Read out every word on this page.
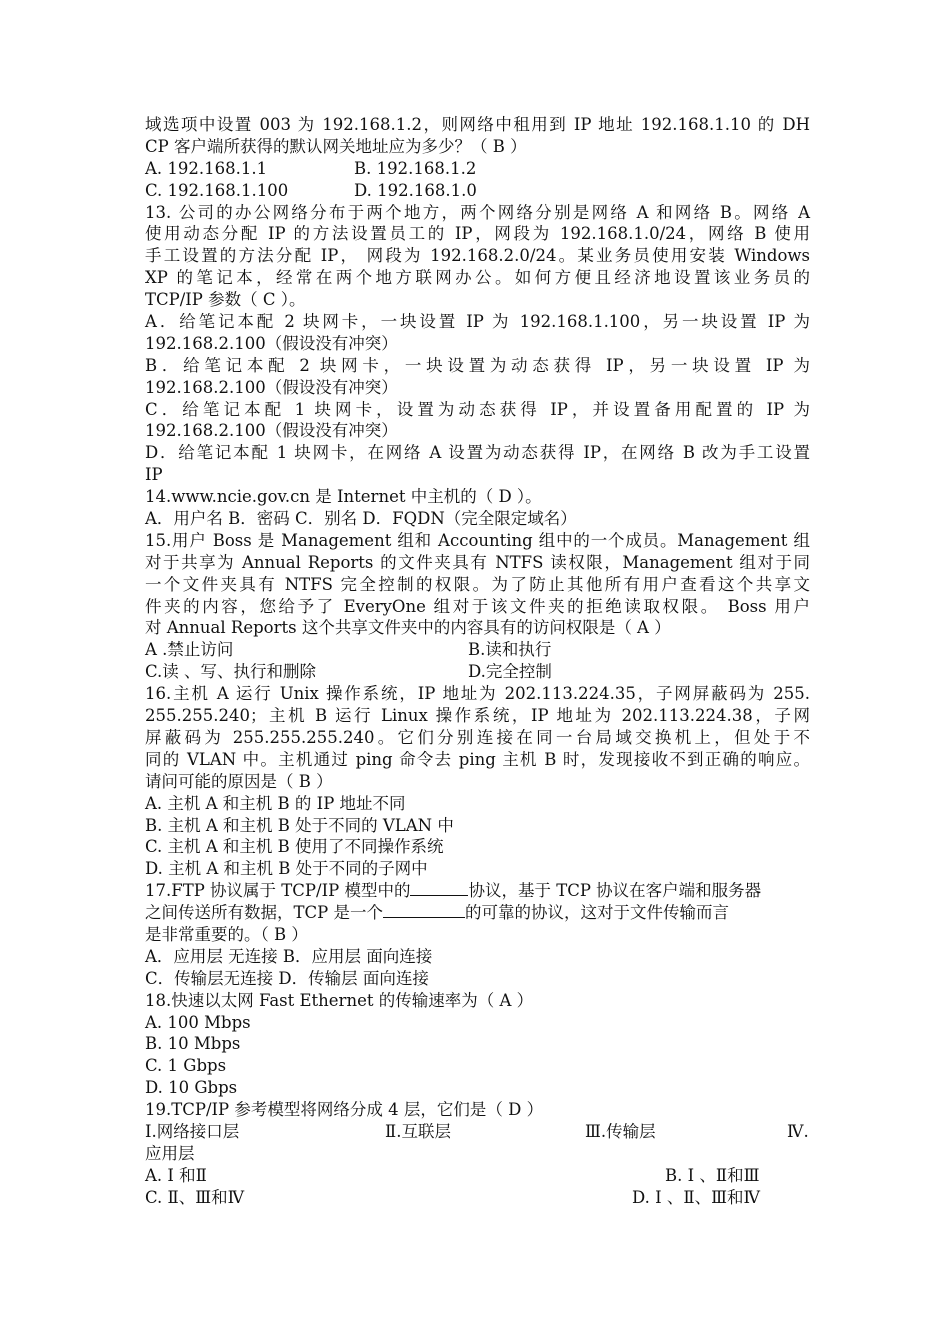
域选项中设置 003 为 192.168.1.2，则网络中租用到 IP 地址 192.168.1.10 的 DH
CP 客户端所获得的默认网关地址应为多少？（ B ）
A. 192.168.1.1	B. 192.168.1.2
C. 192.168.1.100	D. 192.168.1.0
13. 公司的办公网络分布于两个地方，两个网络分别是网络 A 和网络 B。网络 A
使用动态分配 IP 的方法设置员工的 IP，网段为 192.168.1.0/24，网络 B 使用
手工设置的方法分配 IP， 网段为 192.168.2.0/24。某业务员使用安装 Windows
XP 的笔记本，经常在两个地方联网办公。如何方便且经济地设置该业务员的
TCP/IP 参数（ C ）。
A．给笔记本配 2 块网卡，一块设置 IP 为 192.168.1.100，另一块设置 IP 为
192.168.2.100（假设没有冲突）
B．给笔记本配 2 块网卡，一块设置为动态获得 IP，另一块设置 IP 为
192.168.2.100（假设没有冲突）
C．给笔记本配 1 块网卡，设置为动态获得 IP，并设置备用配置的 IP 为
192.168.2.100（假设没有冲突）
D．给笔记本配 1 块网卡，在网络 A 设置为动态获得 IP，在网络 B 改为手工设置
IP
14.www.ncie.gov.cn 是 Internet 中主机的（ D ）。
A．用户名 B．密码 C．别名 D．FQDN（完全限定域名）
15.用户 Boss 是 Management 组和 Accounting 组中的一个成员。Management 组
对于共享为 Annual Reports 的文件夹具有 NTFS 读权限，Management 组对于同
一个文件夹具有 NTFS 完全控制的权限。为了防止其他所有用户查看这个共享文
件夹的内容，您给予了 EveryOne 组对于该文件夹的拒绝读取权限。 Boss 用户
对 Annual Reports 这个共享文件夹中的内容具有的访问权限是（ A ）
A .禁止访问	B.读和执行
C.读 、写、执行和删除	D.完全控制
16.主机 A 运行 Unix 操作系统，IP 地址为 202.113.224.35，子网屏蔽码为 255.
255.255.240；主机 B 运行 Linux 操作系统，IP 地址为 202.113.224.38，子网
屏蔽码为 255.255.255.240。它们分别连接在同一台局域交换机上，但处于不
同的 VLAN 中。主机通过 ping 命令去 ping 主机 B 时，发现接收不到正确的响应。
请问可能的原因是（ B ）
A. 主机 A 和主机 B 的 IP 地址不同
B. 主机 A 和主机 B 处于不同的 VLAN 中
C. 主机 A 和主机 B 使用了不同操作系统
D. 主机 A 和主机 B 处于不同的子网中
17.FTP 协议属于 TCP/IP 模型中的	协议，基于 TCP 协议在客户端和服务器
之间传送所有数据，TCP 是一个	的可靠的协议，这对于文件传输而言
是非常重要的。（ B ）
A．应用层 无连接 B．应用层 面向连接
C．传输层无连接 D．传输层 面向连接
18.快速以太网 Fast Ethernet 的传输速率为（ A ）
A. 100 Mbps
B. 10 Mbps
C. 1 Gbps
D. 10 Gbps
19.TCP/IP 参考模型将网络分成 4 层，它们是（ D ）
Ⅰ.网络接口层	Ⅱ.互联层	Ⅲ.传输层	Ⅳ.
应用层
A. Ⅰ 和Ⅱ	B. Ⅰ 、Ⅱ和Ⅲ
C. Ⅱ、Ⅲ和Ⅳ	D. Ⅰ 、Ⅱ、Ⅲ和Ⅳ
